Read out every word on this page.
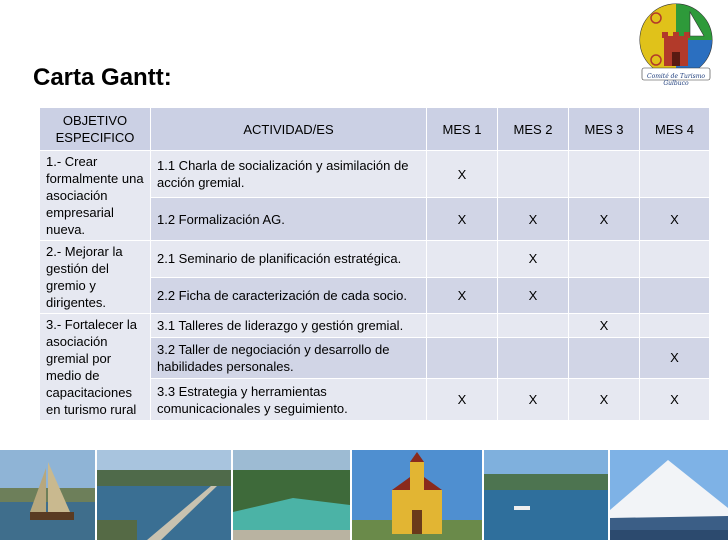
Carta Gantt:	Comité de Turismo Gulbuco
OBJETIVO ESPECIFICO	ACTIVIDAD/ES	MES 1	MES 2	MES 3	MES 4
1.- Crear formalmente una asociación empresarial nueva.	1.1 Charla de socialización y asimilación de acción gremial.	X			
	1.2 Formalización AG.	X	X	X	X
2.- Mejorar la gestión del gremio y dirigentes.	2.1 Seminario de planificación estratégica.		X		
	2.2 Ficha de caracterización de cada socio.	X	X		
3.- Fortalecer la asociación gremial por medio de capacitaciones en turismo rural	3.1 Talleres de liderazgo y gestión gremial.			X	
	3.2 Taller de negociación y desarrollo de habilidades personales.				X
	3.3 Estrategia y herramientas comunicacionales y seguimiento.	X	X	X	X
